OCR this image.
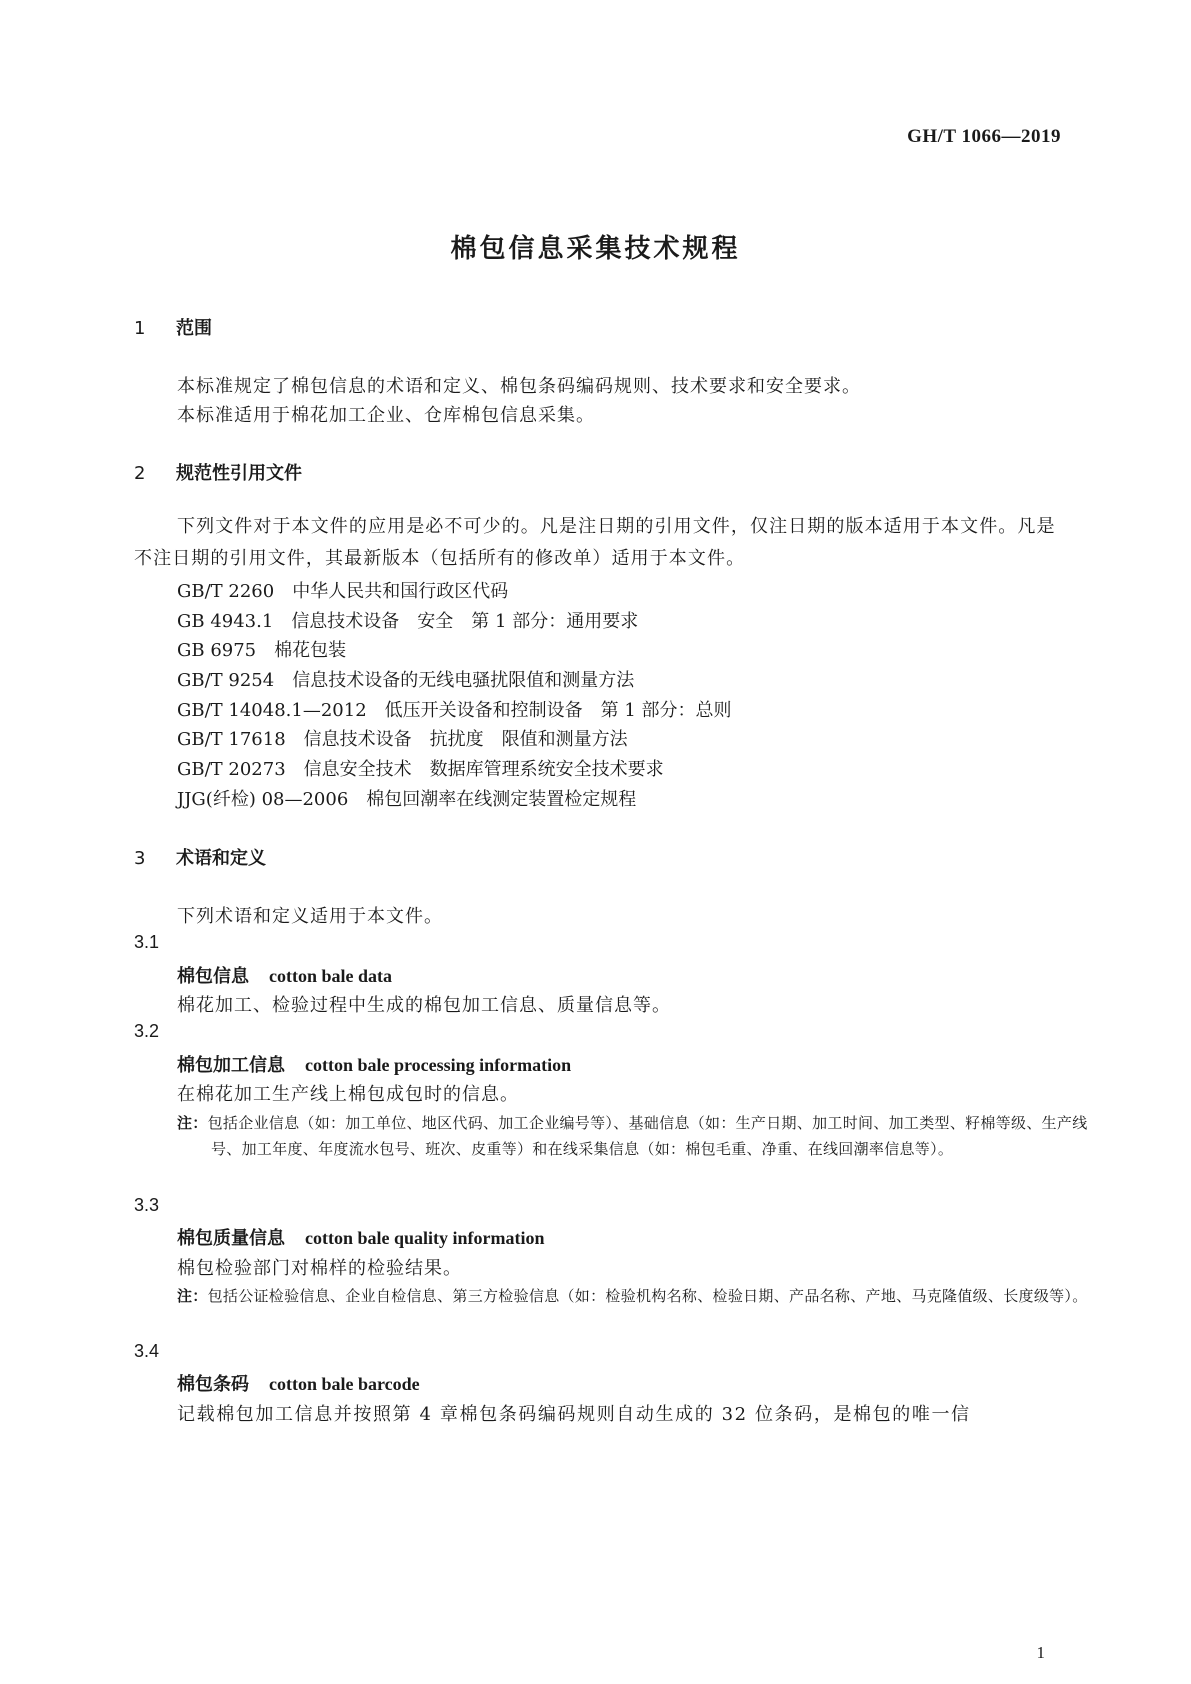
GH/T 1066—2019
棉包信息采集技术规程
1　 范围
本标准规定了棉包信息的术语和定义、棉包条码编码规则、技术要求和安全要求。
本标准适用于棉花加工企业、仓库棉包信息采集。
2　 规范性引用文件
下列文件对于本文件的应用是必不可少的。凡是注日期的引用文件，仅注日期的版本适用于本文件。凡是不注日期的引用文件，其最新版本（包括所有的修改单）适用于本文件。
GB/T 2260 中华人民共和国行政区代码
GB 4943.1 信息技术设备　安全　第 1 部分：通用要求
GB 6975 棉花包装
GB/T 9254 信息技术设备的无线电骚扰限值和测量方法
GB/T 14048.1—2012 低压开关设备和控制设备　第 1 部分：总则
GB/T 17618 信息技术设备　抗扰度　限值和测量方法
GB/T 20273 信息安全技术　数据库管理系统安全技术要求
JJG(纤检) 08—2006 棉包回潮率在线测定装置检定规程
3　 术语和定义
下列术语和定义适用于本文件。
3.1
棉包信息 cotton bale data
棉花加工、检验过程中生成的棉包加工信息、质量信息等。
3.2
棉包加工信息 cotton bale processing information
在棉花加工生产线上棉包成包时的信息。
注：包括企业信息（如：加工单位、地区代码、加工企业编号等）、基础信息（如：生产日期、加工时间、加工类型、籽棉等级、生产线号、加工年度、年度流水包号、班次、皮重等）和在线采集信息（如：棉包毛重、净重、在线回潮率信息等）。
3.3
棉包质量信息 cotton bale quality information
棉包检验部门对棉样的检验结果。
注：包括公证检验信息、企业自检信息、第三方检验信息（如：检验机构名称、检验日期、产品名称、产地、马克隆值级、长度级等）。
3.4
棉包条码 cotton bale barcode
记载棉包加工信息并按照第 4 章棉包条码编码规则自动生成的 32 位条码，是棉包的唯一信
1
